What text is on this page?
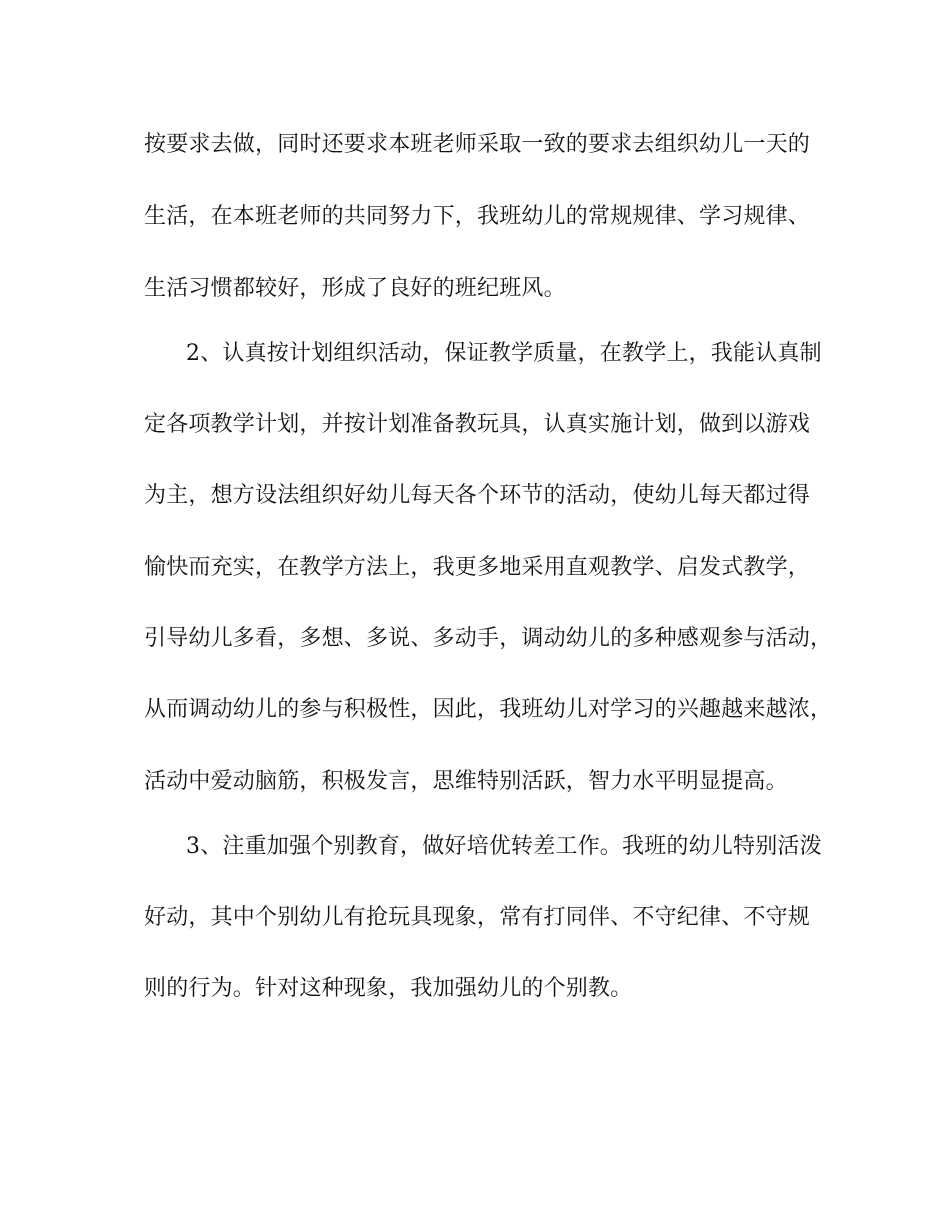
按要求去做，同时还要求本班老师采取一致的要求去组织幼儿一天的
生活，在本班老师的共同努力下，我班幼儿的常规规律、学习规律、
生活习惯都较好，形成了良好的班纪班风。
2、认真按计划组织活动，保证教学质量，在教学上，我能认真制
定各项教学计划，并按计划准备教玩具，认真实施计划，做到以游戏
为主，想方设法组织好幼儿每天各个环节的活动，使幼儿每天都过得
愉快而充实，在教学方法上，我更多地采用直观教学、启发式教学，
引导幼儿多看，多想、多说、多动手，调动幼儿的多种感观参与活动，
从而调动幼儿的参与积极性，因此，我班幼儿对学习的兴趣越来越浓，
活动中爱动脑筋，积极发言，思维特别活跃，智力水平明显提高。
3、注重加强个别教育，做好培优转差工作。我班的幼儿特别活泼
好动，其中个别幼儿有抢玩具现象，常有打同伴、不守纪律、不守规
则的行为。针对这种现象，我加强幼儿的个别教。
